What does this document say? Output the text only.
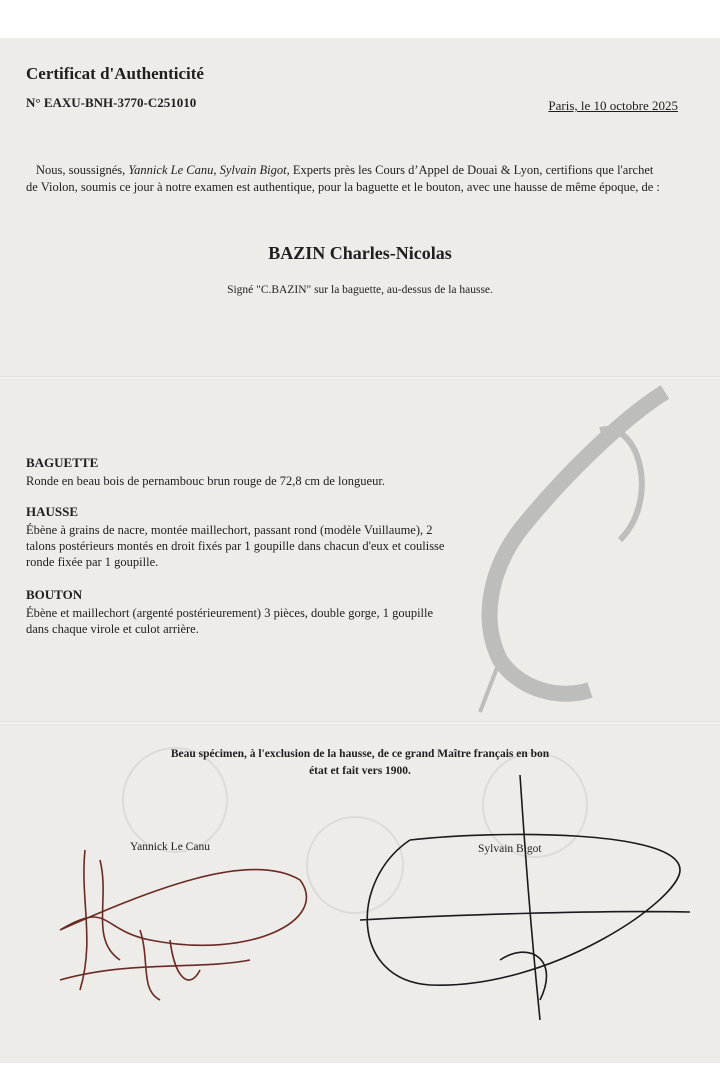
Certificat d'Authenticité
N° EAXU-BNH-3770-C251010	Paris, le 10 octobre 2025
Nous, soussignés, Yannick Le Canu, Sylvain Bigot, Experts près les Cours d’Appel de Douai & Lyon, certifions que l'archet de Violon, soumis ce jour à notre examen est authentique, pour la baguette et le bouton, avec une hausse de même époque, de :
BAZIN Charles-Nicolas
Signé "C.BAZIN" sur la baguette, au-dessus de la hausse.
BAGUETTE
Ronde en beau bois de pernambouc brun rouge de 72,8 cm de longueur.
HAUSSE
Ébène à grains de nacre, montée maillechort, passant rond (modèle Vuillaume), 2 talons postérieurs montés en droit fixés par 1 goupille dans chacun d'eux et coulisse ronde fixée par 1 goupille.
BOUTON
Ébène et maillechort (argenté postérieurement) 3 pièces, double gorge, 1 goupille dans chaque virole et culot arrière.
Beau spécimen, à l'exclusion de la hausse, de ce grand Maître français en bon état et fait vers 1900.
Yannick Le Canu	Sylvain Bigot
